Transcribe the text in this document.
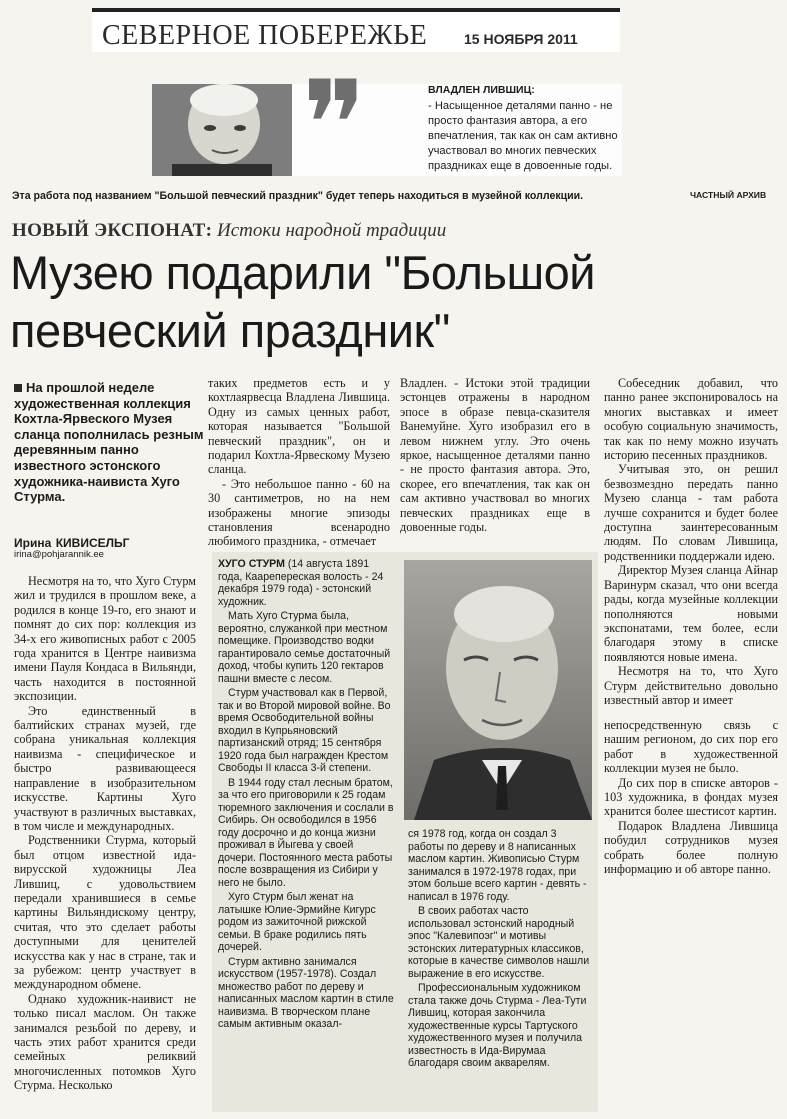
СЕВЕРНОЕ ПОБЕРЕЖЬЕ	15 НОЯБРЯ 2011
❞	ВЛАДЛЕН ЛИВШИЦ:
- Насыщенное деталями панно - не просто фантазия автора, а его впечатления, так как он сам активно участвовал во многих певческих праздниках еще в довоенные годы.
Эта работа под названием "Большой певческий праздник" будет теперь находиться в музейной коллекции.	ЧАСТНЫЙ АРХИВ
НОВЫЙ ЭКСПОНАТ: Истоки народной традиции
Музею подарили "Большой
певческий праздник"
На прошлой неделе художественная коллекция Кохтла-Ярвеского Музея сланца пополнилась резным деревянным панно известного эстонского художника-наивиста Хуго Стурма.
Ирина КИВИСЕЛЬГ
irina@pohjarannik.ee

Несмотря на то, что Хуго Стурм жил и трудился в прошлом веке, а родился в конце 19-го, его знают и помнят до сих пор: коллекция из 34-х его живописных работ с 2005 года хранится в Центре наивизма имени Пауля Кондаса в Вильянди, часть находится в постоянной экспозиции.

Это единственный в балтийских странах музей, где собрана уникальная коллекция наивизма - специфическое и быстро развивающееся направление в изобразительном искусстве. Картины Хуго участвуют в различных выставках, в том числе и международных.

Родственники Стурма, который был отцом известной ида-вирусской художницы Леа Лившиц, с удовольствием передали хранившиеся в семье картины Вильяндискому центру, считая, что это сделает работы доступными для ценителей искусства как у нас в стране, так и за рубежом: центр участвует в международном обмене.

Однако художник-наивист не только писал маслом. Он также занимался резьбой по дереву, и часть этих работ хранится среди семейных реликвий многочисленных потомков Хуго Стурма. Несколько

таких предметов есть и у кохтлаярвесца Владлена Лившица. Одну из самых ценных работ, которая называется "Большой певческий праздник", он и подарил Кохтла-Ярвескому Музею сланца.

- Это небольшое панно - 60 на 30 сантиметров, но на нем изображены многие эпизоды становления всенародно любимого праздника, - отмечает

Владлен. - Истоки этой традиции эстонцев отражены в народном эпосе в образе певца-сказителя Ванемуйне. Хуго изобразил его в левом нижнем углу. Это очень яркое, насыщенное деталями панно - не просто фантазия автора. Это, скорее, его впечатления, так как он сам активно участвовал во многих певческих праздниках еще в довоенные годы.

Собеседник добавил, что панно ранее экспонировалось на многих выставках и имеет особую социальную значимость, так как по нему можно изучать историю песенных праздников.

Учитывая это, он решил безвозмездно передать панно Музею сланца - там работа лучше сохранится и будет более доступна заинтересованным людям. По словам Лившица, родственники поддержали идею.

Директор Музея сланца Айнар Варинурм сказал, что они всегда рады, когда музейные коллекции пополняются новыми экспонатами, тем более, если благодаря этому в списке появляются новые имена.

Несмотря на то, что Хуго Стурм действительно довольно известный автор и имеет

непосредственную связь с нашим регионом, до сих пор его работ в художественной коллекции музея не было.

До сих пор в списке авторов - 103 художника, в фондах музея хранится более шестисот картин.

Подарок Владлена Лившица побудил сотрудников музея собрать более полную информацию и об авторе панно.

ХУГО СТУРМ (14 августа 1891 года, Каарепереская волость - 24 декабря 1979 года) - эстонский художник.

Мать Хуго Стурма была, вероятно, служанкой при местном помещике. Производство водки гарантировало семье достаточный доход, чтобы купить 120 гектаров пашни вместе с лесом.

Стурм участвовал как в Первой, так и во Второй мировой войне. Во время Освободительной войны входил в Купрьяновский партизанский отряд; 15 сентября 1920 года был награжден Крестом Свободы II класса 3-й степени.

В 1944 году стал лесным братом, за что его приговорили к 25 годам тюремного заключения и сослали в Сибирь. Он освободился в 1956 году досрочно и до конца жизни проживал в Йыгева у своей дочери. Постоянного места работы после возвращения из Сибири у него не было.

Хуго Стурм был женат на латышке Юлие-Эрмийне Кигурс родом из зажиточной рижской семьи. В браке родились пять дочерей.

Стурм активно занимался искусством (1957-1978). Создал множество работ по дереву и написанных маслом картин в стиле наивизма. В творческом плане самым активным оказал-

ся 1978 год, когда он создал 3 работы по дереву и 8 написанных маслом картин. Живописью Стурм занимался в 1972-1978 годах, при этом больше всего картин - девять - написал в 1976 году.

В своих работах часто использовал эстонский народный эпос "Калевипоэг" и мотивы эстонских литературных классиков, которые в качестве символов нашли выражение в его искусстве.

Профессиональным художником стала также дочь Стурма - Леа-Тути Лившиц, которая закончила художественные курсы Тартуского художественного музея и получила известность в Ида-Вирумаа благодаря своим акварелям.
